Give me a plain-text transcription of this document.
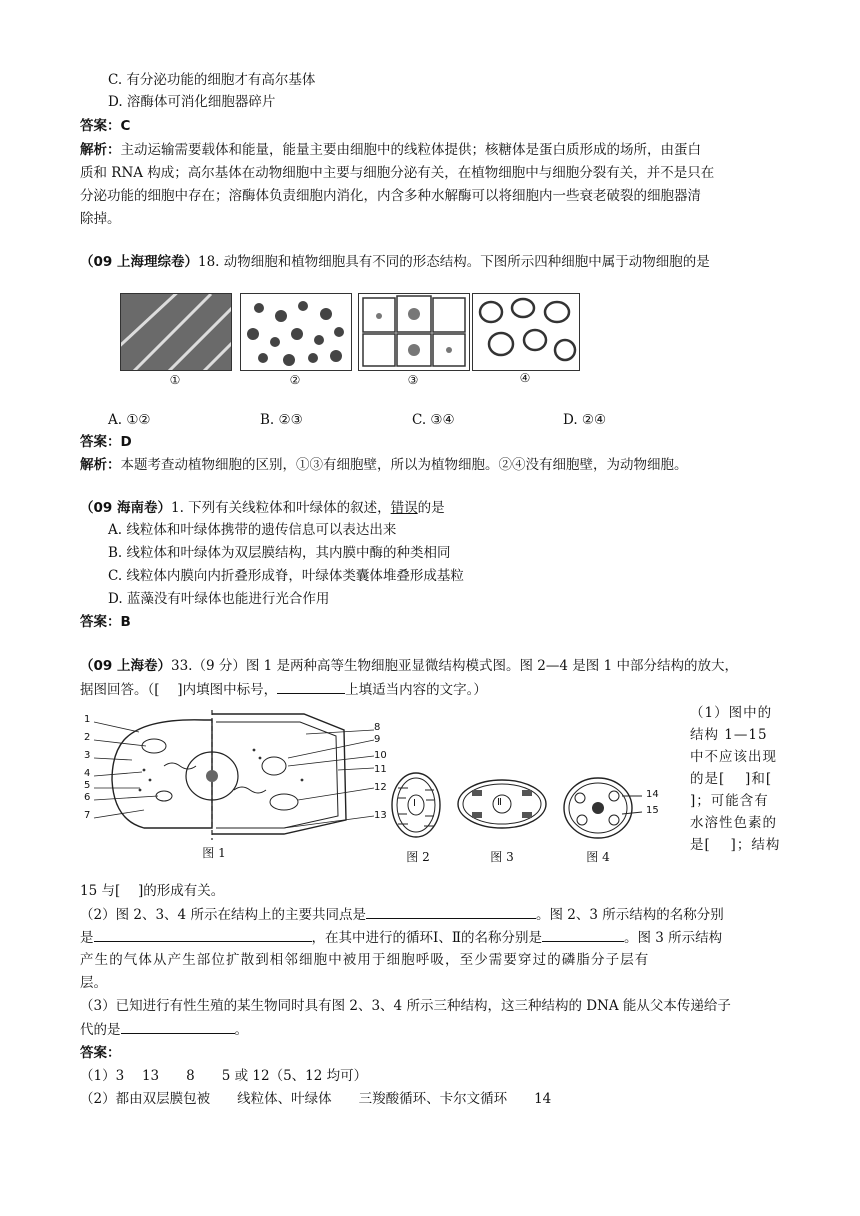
C. 有分泌功能的细胞才有高尔基体
D. 溶酶体可消化细胞器碎片
答案：C
解析：主动运输需要载体和能量，能量主要由细胞中的线粒体提供；核糖体是蛋白质形成的场所，由蛋白
质和 RNA 构成；高尔基体在动物细胞中主要与细胞分泌有关，在植物细胞中与细胞分裂有关，并不是只在
分泌功能的细胞中存在；溶酶体负责细胞内消化，内含多种水解酶可以将细胞内一些衰老破裂的细胞器清
除掉。
（09 上海理综卷）18. 动物细胞和植物细胞具有不同的形态结构。下图所示四种细胞中属于动物细胞的是
①	②	③	④
A. ①②	B. ②③	C. ③④	D. ②④
答案：D
解析：本题考查动植物细胞的区别，①③有细胞壁，所以为植物细胞。②④没有细胞壁，为动物细胞。
（09 海南卷）1. 下列有关线粒体和叶绿体的叙述，错误的是
A. 线粒体和叶绿体携带的遗传信息可以表达出来
B. 线粒体和叶绿体为双层膜结构，其内膜中酶的种类相同
C. 线粒体内膜向内折叠形成脊，叶绿体类囊体堆叠形成基粒
D. 蓝藻没有叶绿体也能进行光合作用
答案：B
（09 上海卷）33.（9 分）图 1 是两种高等生物细胞亚显微结构模式图。图 2—4 是图 1 中部分结构的放大，
据图回答。（[　 ]内填图中标号，	上填适当内容的文字。）
1
2
3
4
5
6
7
8
9
10
11
12
13
图 1
Ⅰ
图 2
Ⅱ
图 3
14
15
图 4
（1）图中的结构 1—15 中不应该出现的是[　 ]和[　 ]；可能含有水溶性色素的是[　 ]；结构
15 与[　 ]的形成有关。
（2）图 2、3、4 所示在结构上的主要共同点是	。图 2、3 所示结构的名称分别
是	，在其中进行的循环Ⅰ、Ⅱ的名称分别是	。图 3 所示结构
产生的气体从产生部位扩散到相邻细胞中被用于细胞呼吸，至少需要穿过的磷脂分子层有
层。
（3）已知进行有性生殖的某生物同时具有图 2、3、4 所示三种结构，这三种结构的 DNA 能从父本传递给子
代的是	。
答案：
（1）3　 13　　8　　5 或 12（5、12 均可）
（2）都由双层膜包被　　线粒体、叶绿体　　三羧酸循环、卡尔文循环　　14
